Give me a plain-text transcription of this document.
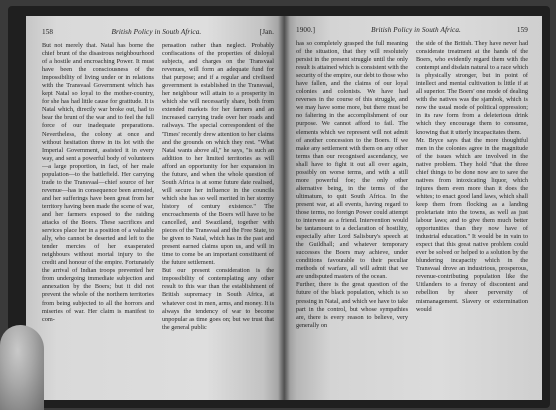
158	British Policy in South Africa.	[Jan.
But not merely that. Natal has borne the chief brunt of the disastrous neighbourhood of a hostile and encroaching Power. It must have been the consciousness of the impossibility of living under or in relations with the Transvaal Government which has kept Natal so loyal to the mother-country, for she has had little cause for gratitude. It is Natal which, directly war broke out, had to bear the brunt of the war and to feel the full force of our inadequate preparations. Nevertheless, the colony at once and without hesitation threw in its lot with the Imperial Government, assisted it in every way, and sent a powerful body of volunteers—a large proportion, in fact, of her male population—to the battlefield. Her carrying trade to the Transvaal—chief source of her revenue—has in consequence been arrested, and her sufferings have been great from her territory having been made the scene of war, and her farmers exposed to the raiding attacks of the Boers. These sacrifices and services place her in a position of a valuable ally, who cannot be deserted and left to the tender mercies of her exasperated neighbours without mortal injury to the credit and honour of the empire. Fortunately the arrival of Indian troops prevented her from undergoing immediate subjection and annexation by the Boers; but it did not prevent the whole of the northern territories from being subjected to all the horrors and miseries of war. Her claim is manifest to com-
pensation rather than neglect. Probably confiscations of the properties of disloyal subjects, and charges on the Transvaal revenues, will form an adequate fund for that purpose; and if a regular and civilised government is established in the Transvaal, her neighbour will attain to a prosperity in which she will necessarily share, both from extended markets for her farmers and an increased carrying trade over her roads and railways. The special correspondent of the 'Times' recently drew attention to her claims and the grounds on which they rest. "What Natal wants above all," he says, "is such an addition to her limited territories as will afford an opportunity for her expansion in the future, and when the whole question of South Africa is at some future date realised, will secure her influence in the councils which she has so well merited in her stormy history of century existence." The encroachments of the Boers will have to be cancelled, and Swaziland, together with pieces of the Transvaal and the Free State, to be given to Natal, which has in the past and present earned claims upon us, and will in time to come be an important constituent of the future settlement.
But our present consideration is the impossibility of contemplating any other result to this war than the establishment of British supremacy in South Africa, at whatever cost in men, arms, and money. It is always the tendency of war to become unpopular as time goes on; but we trust that the general public
1900.]	British Policy in South Africa.	159
has so completely grasped the full meaning of the situation, that they will resolutely persist in the present struggle until the only result is attained which is consistent with the security of the empire, our debt to those who have fallen, and the claims of our loyal colonies and colonists. We have had reverses in the course of this struggle, and we may have some more, but there must be no faltering in the accomplishment of our purpose. We cannot afford to fail. The elements which we represent will not admit of another concession to the Boers. If we make any settlement with them on any other terms than our recognised ascendancy, we shall have to fight it out all over again, possibly on worse terms, and with a still more powerful foe; the only other alternative being, in the terms of the ultimatum, to quit South Africa. In the present war, at all events, having regard to those terms, no foreign Power could attempt to intervene as a friend. Intervention would be tantamount to a declaration of hostility, especially after Lord Salisbury's speech at the Guildhall; and whatever temporary successes the Boers may achieve, under conditions favourable to their peculiar methods of warfare, all will admit that we are undisputed masters of the ocean.
Further, there is the great question of the future of the black population, which is so pressing in Natal, and which we have to take part in the control, but whose sympathies are, there is every reason to believe, very generally on
the side of the British. They have never had considerate treatment at the hands of the Boers, who evidently regard them with the contempt and disdain natural to a race which is physically stronger, but in point of intellect and mental cultivation is little if at all superior. The Boers' one mode of dealing with the natives was the sjambok, which is now the usual mode of political oppression; in its raw form from a deleterious drink which they encourage them to consume, knowing that it utterly incapacitates them.
Mr. Bryce says that the more thoughtful men in the colonies agree in the magnitude of the issues which are involved in the native problem. They hold "that the three chief things to be done now are to save the natives from intoxicating liquor, which injures them even more than it does the whites; to enact good land laws, which shall keep them from flocking as a landing proletariate into the towns, as well as just labour laws; and to give them much better opportunities than they now have of industrial education." It would be in vain to expect that this great native problem could ever be solved or helped to a solution by the blundering incapacity which in the Transvaal drove an industrious, prosperous, revenue-contributing population like the Uitlanders to a frenzy of discontent and rebellion by sheer perversity of mismanagement. Slavery or extermination would
